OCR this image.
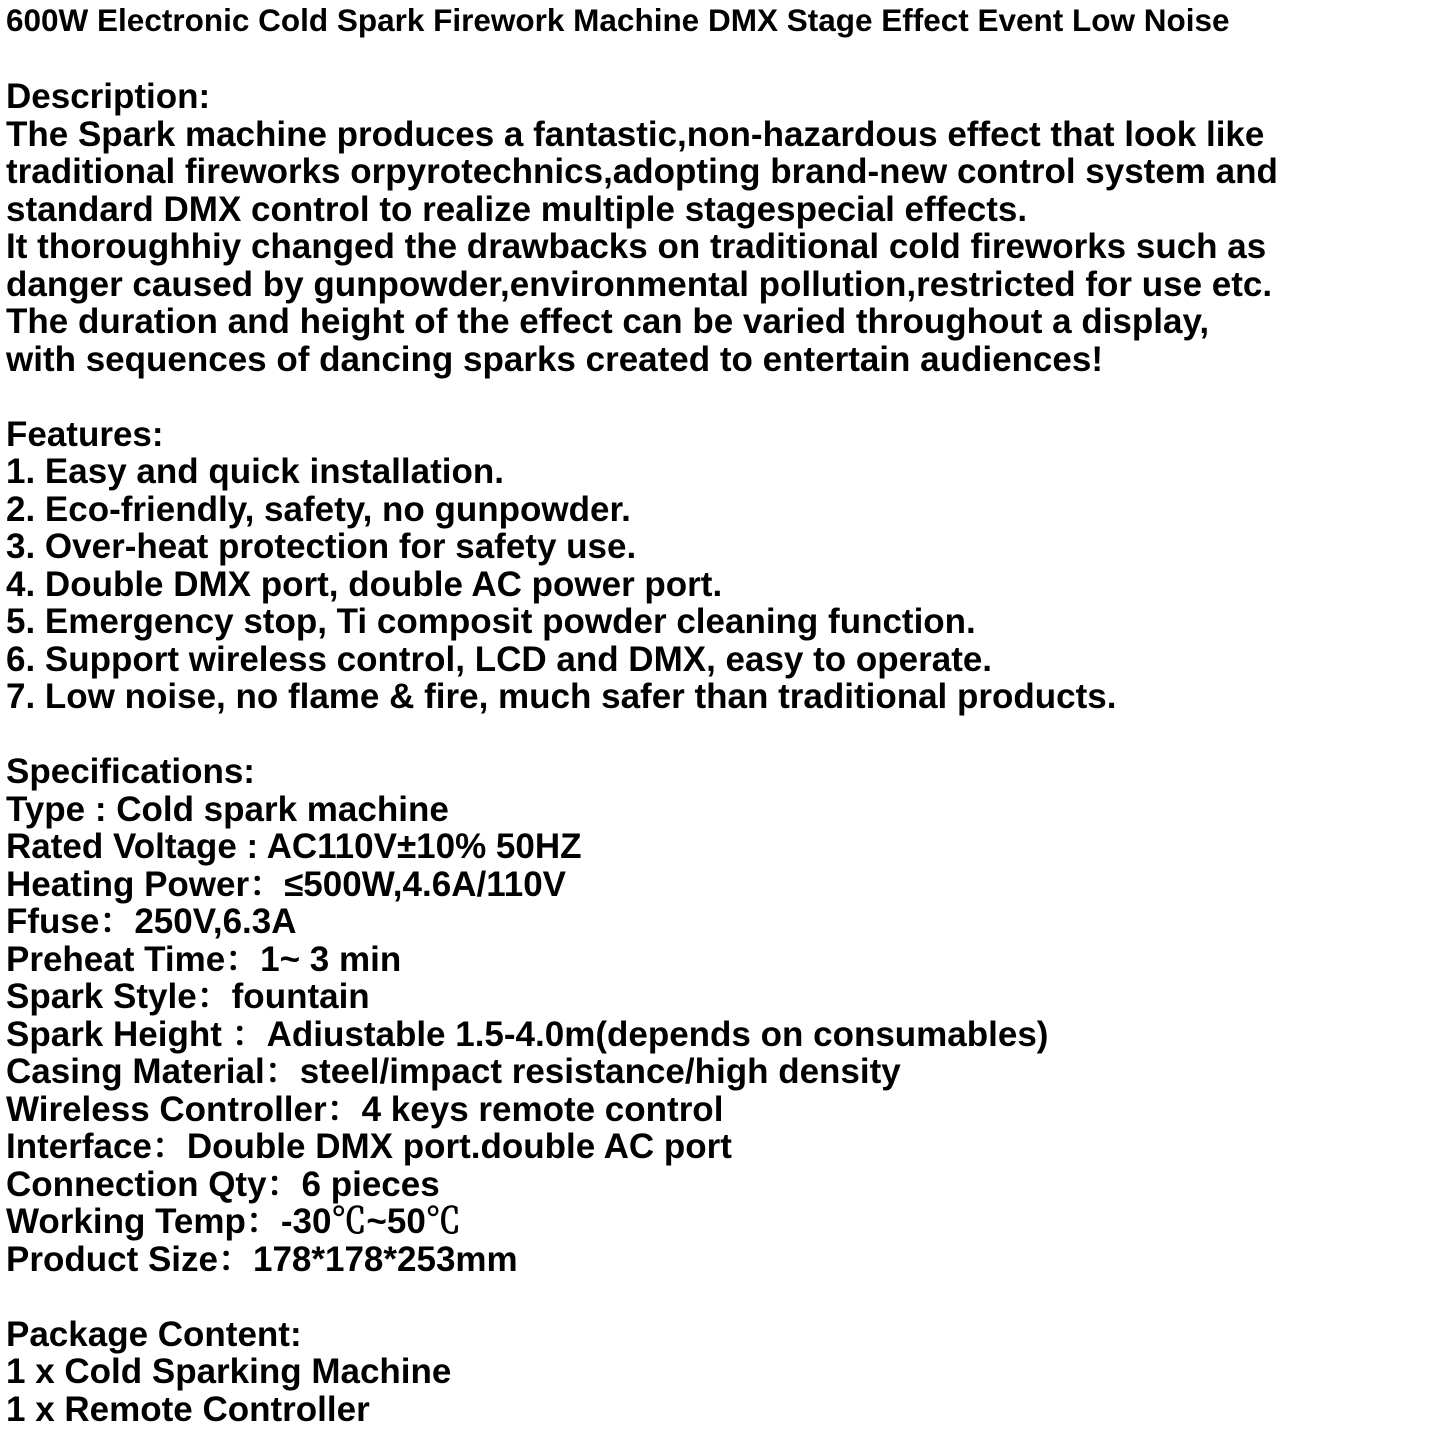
600W Electronic Cold Spark Firework Machine DMX Stage Effect Event Low Noise
Description:
The Spark machine produces a fantastic,non-hazardous effect that look like
traditional fireworks orpyrotechnics,adopting brand-new control system and
standard DMX control to realize multiple stagespecial effects.
It thoroughhiy changed the drawbacks on traditional cold fireworks such as
danger caused by gunpowder,environmental pollution,restricted for use etc.
The duration and height of the effect can be varied throughout a display,
with sequences of dancing sparks created to entertain audiences!
Features:
1. Easy and quick installation.
2. Eco-friendly, safety, no gunpowder.
3. Over-heat protection for safety use.
4. Double DMX port, double AC power port.
5. Emergency stop, Ti composit powder cleaning function.
6. Support wireless control, LCD and DMX, easy to operate.
7. Low noise, no flame & fire, much safer than traditional products.
Specifications:
Type : Cold spark machine
Rated Voltage : AC110V±10% 50HZ
Heating Power：≤500W,4.6A/110V
Ffuse：250V,6.3A
Preheat Time：1~ 3 min
Spark Style：fountain
Spark Height ：Adiustable 1.5-4.0m(depends on consumables)
Casing Material：steel/impact resistance/high density
Wireless Controller：4 keys remote control
Interface：Double DMX port.double AC port
Connection Qty：6 pieces
Working Temp：-30℃~50℃
Product Size：178*178*253mm
Package Content:
1 x Cold Sparking Machine
1 x Remote Controller
